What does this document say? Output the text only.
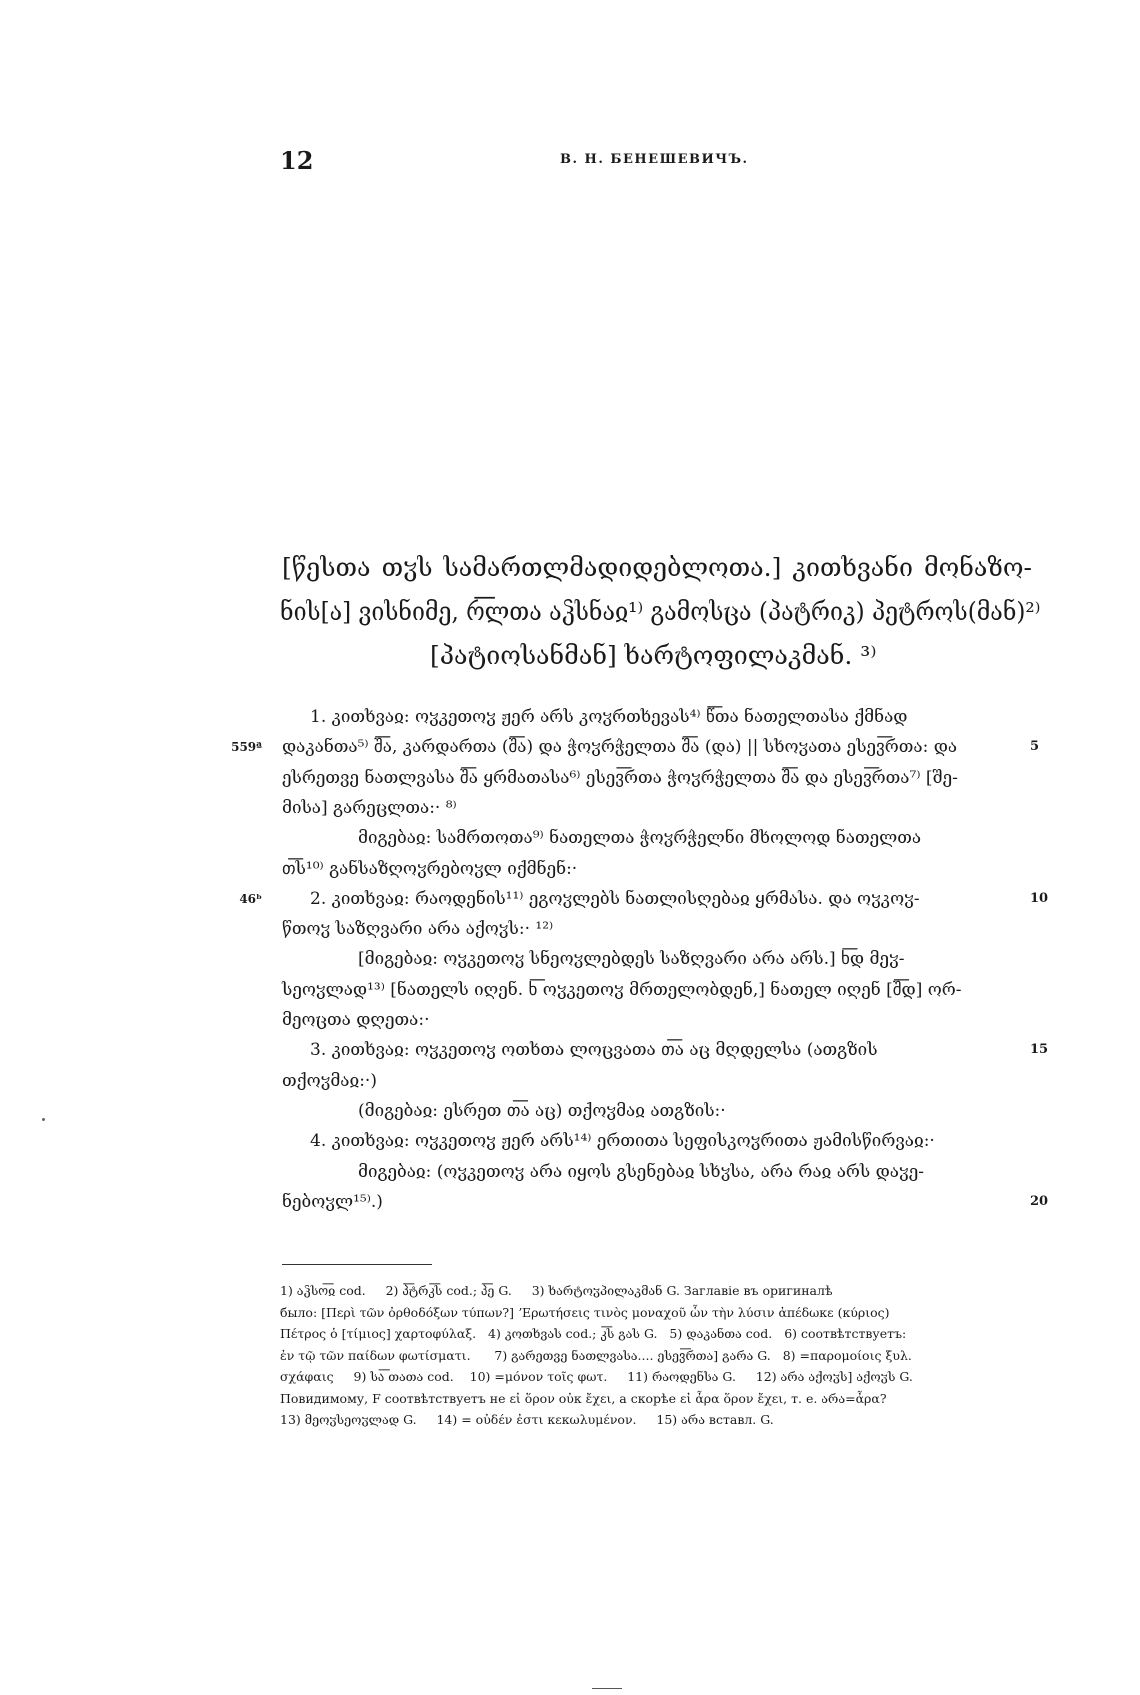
12	В. Н. БЕНЕШЕВИЧЪ.
[წესთა თჳს სამართლმადიდებლოთა.] კითხვანი მონაზო-
ნის[ა] ვისნიმე, რ͞ლთა აჴსნაჲ¹⁾ გამოსცა (პატრიკ) პეტროს(მან)²⁾
[პატიოსანმან] ხარტოფილაკმან. ³⁾
1. კითხვაჲ: ოჳკეთოჳ ჟერ არს კოჳრთხევას⁴⁾ წ͞თა ნათელთასა ქმნად
დაკანთა⁵⁾ შ͞ა, კარდართა (შ͞ა) და ჭოჳრჭელთა შ͞ა (და) || სხოჳათა ესევ͞რთა: და
559ª	5
ესრეთვე ნათლვასა შ͞ა ყრმათასა⁶⁾ ესევ͞რთა ჭოჳრჭელთა შ͞ა და ესევ͞რთა⁷⁾ [შე-
მისა] გარეცლთა:· ⁸⁾
მიგებაჲ: სამრთოთა⁹⁾ ნათელთა ჭოჳრჭელნი მხოლოდ ნათელთა
თ͞ს¹⁰⁾ განსაზღოჳრებოჳლ იქმნენ:·
2. კითხვაჲ: რაოდენის¹¹⁾ ეგოჳლებს ნათლისღებაჲ ყრმასა. და ოჳკოჳ-
46ᵇ	10
წთოჳ საზღვარი არა აქოჳს:· ¹²⁾
[მიგებაჲ: ოჳკეთოჳ სნეოჳლებდეს საზღვარი არა არს.] ხ͞დ მეჳ-
სეოჳლად¹³⁾ [ნათელს იღენ. ხ͞ ოჳკეთოჳ მრთელობდენ,] ნათელ იღენ [შ͞დ] ორ-
მეოცთა დღეთა:·
3. კითხვაჲ: ოჳკეთოჳ ოთხთა ლოცვათა თ͞ა აც მღდელსა (ათგზის	15
თქოჳმაჲ:·)
(მიგებაჲ: ესრეთ თ͞ა აც) თქოჳმაჲ ათგზის:·
4. კითხვაჲ: ოჳკეთოჳ ჟერ არს¹⁴⁾ ერთითა სეფისკოჳრითა ჟამისწირვაჲ:·
მიგებაჲ: (ოჳკეთოჳ არა იყოს გსენებაჲ სხჳსა, არა რაჲ არს დაჳე-
ნებოჳლ¹⁵⁾.)	20
1) აჴსო͞ჲ cod.     2) პ͞ტრკ͞ს cod.; პ͞ე G.     3) ხარტოჳპილაკმან G. Заглавіе въ оригиналѣ
было: [Περὶ τῶν ὀρθοδόξων τύπων?] ʼΕρωτήσεις τινὸς μοναχοῦ ὧν τὴν λύσιν ἀπέδωκε (κύριος)
Πέτρος ὁ [τίμιος] χαρτοφύλαξ.   4) კოთხვას cod.; კ͞ს გას G.   5) დაკანთა cod.   6) соотвѣтствуетъ:
ἐν τῷ τῶν παίδων φωτίσματι.      7) გარეთვე ნათლვასა.... ესევ͞რთა] გარა G.   8) =παρομοίοις ξυλ.
σχάφαις     9) სა͞ თათა cod.    10) =μόνον τοῖς φωτ.     11) რაოდენსა G.     12) არა აქოჳს] აქოჳს G.
Повидимому, F соотвѣтствуетъ не εἰ ὅρον οὐκ ἔχει, а скорѣе εἰ ἆρα ὅρον ἔχει, т. е. არა=ἆρα?
13) მეოჳსეოჳლად G.     14) = οὐδέν ἐστι κεκωλυμένον.     15) არა вставл. G.
